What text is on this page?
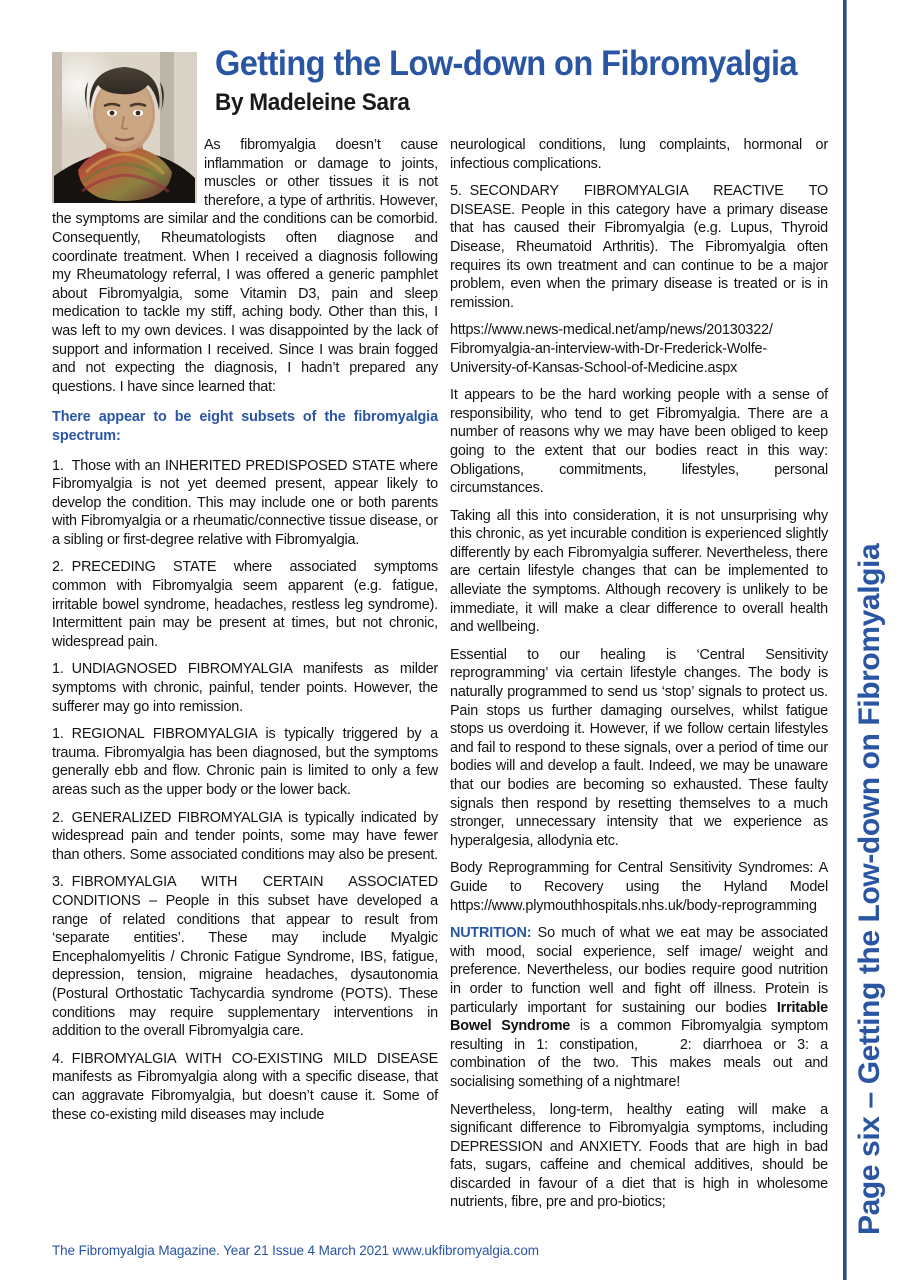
Getting the Low-down on Fibromyalgia
By Madeleine Sara
As fibromyalgia doesn’t cause inflammation or damage to joints, muscles or other tissues it is not therefore, a type of arthritis. However, the symptoms are similar and the conditions can be comorbid. Consequently, Rheumatologists often diagnose and coordinate treatment. When I received a diagnosis following my Rheumatology referral, I was offered a generic pamphlet about Fibromyalgia, some Vitamin D3, pain and sleep medication to tackle my stiff, aching body. Other than this, I was left to my own devices. I was disappointed by the lack of support and information I received. Since I was brain fogged and not expecting the diagnosis, I hadn’t prepared any questions. I have since learned that:
There appear to be eight subsets of the fibromyalgia spectrum:
1. Those with an INHERITED PREDISPOSED STATE where Fibromyalgia is not yet deemed present, appear likely to develop the condition. This may include one or both parents with Fibromyalgia or a rheumatic/connective tissue disease, or a sibling or first-degree relative with Fibromyalgia.
2. PRECEDING STATE where associated symptoms common with Fibromyalgia seem apparent (e.g. fatigue, irritable bowel syndrome, headaches, restless leg syndrome). Intermittent pain may be present at times, but not chronic, widespread pain.
1. UNDIAGNOSED FIBROMYALGIA manifests as milder symptoms with chronic, painful, tender points. However, the sufferer may go into remission.
1. REGIONAL FIBROMYALGIA is typically triggered by a trauma. Fibromyalgia has been diagnosed, but the symptoms generally ebb and flow. Chronic pain is limited to only a few areas such as the upper body or the lower back.
2. GENERALIZED FIBROMYALGIA is typically indicated by widespread pain and tender points, some may have fewer than others. Some associated conditions may also be present.
3. FIBROMYALGIA WITH CERTAIN ASSOCIATED CONDITIONS – People in this subset have developed a range of related conditions that appear to result from ‘separate entities’. These may include Myalgic Encephalomyelitis / Chronic Fatigue Syndrome, IBS, fatigue, depression, tension, migraine headaches, dysautonomia (Postural Orthostatic Tachycardia syndrome (POTS). These conditions may require supplementary interventions in addition to the overall Fibromyalgia care.
4. FIBROMYALGIA WITH CO-EXISTING MILD DISEASE manifests as Fibromyalgia along with a specific disease, that can aggravate Fibromyalgia, but doesn’t cause it. Some of these co-existing mild diseases may include
neurological conditions, lung complaints, hormonal or infectious complications.
5. SECONDARY FIBROMYALGIA REACTIVE TO DISEASE. People in this category have a primary disease that has caused their Fibromyalgia (e.g. Lupus, Thyroid Disease, Rheumatoid Arthritis). The Fibromyalgia often requires its own treatment and can continue to be a major problem, even when the primary disease is treated or is in remission.
https://www.news-medical.net/amp/news/20130322/
Fibromyalgia-an-interview-with-Dr-Frederick-Wolfe-
University-of-Kansas-School-of-Medicine.aspx
It appears to be the hard working people with a sense of responsibility, who tend to get Fibromyalgia. There are a number of reasons why we may have been obliged to keep going to the extent that our bodies react in this way: Obligations, commitments, lifestyles, personal circumstances.
Taking all this into consideration, it is not unsurprising why this chronic, as yet incurable condition is experienced slightly differently by each Fibromyalgia sufferer. Nevertheless, there are certain lifestyle changes that can be implemented to alleviate the symptoms. Although recovery is unlikely to be immediate, it will make a clear difference to overall health and wellbeing.
Essential to our healing is ‘Central Sensitivity reprogramming’ via certain lifestyle changes. The body is naturally programmed to send us ‘stop’ signals to protect us. Pain stops us further damaging ourselves, whilst fatigue stops us overdoing it. However, if we follow certain lifestyles and fail to respond to these signals, over a period of time our bodies will and develop a fault. Indeed, we may be unaware that our bodies are becoming so exhausted. These faulty signals then respond by resetting themselves to a much stronger, unnecessary intensity that we experience as hyperalgesia, allodynia etc.
Body Reprogramming for Central Sensitivity Syndromes: A Guide to Recovery using the Hyland Model https://www.plymouthhospitals.nhs.uk/body-reprogramming
NUTRITION: So much of what we eat may be associated with mood, social experience, self image/ weight and preference. Nevertheless, our bodies require good nutrition in order to function well and fight off illness. Protein is particularly important for sustaining our bodies Irritable Bowel Syndrome is a common Fibromyalgia symptom resulting in 1: constipation,	2: diarrhoea or 3: a combination of the two. This makes meals out and socialising something of a nightmare!
Nevertheless, long-term, healthy eating will make a significant difference to Fibromyalgia symptoms, including DEPRESSION and ANXIETY. Foods that are high in bad fats, sugars, caffeine and chemical additives, should be discarded in favour of a diet that is high in wholesome nutrients, fibre, pre and pro-biotics;	Page six – Getting the Low-down on Fibromyalgia
The Fibromyalgia Magazine. Year 21 Issue 4 March 2021 www.ukfibromyalgia.com
